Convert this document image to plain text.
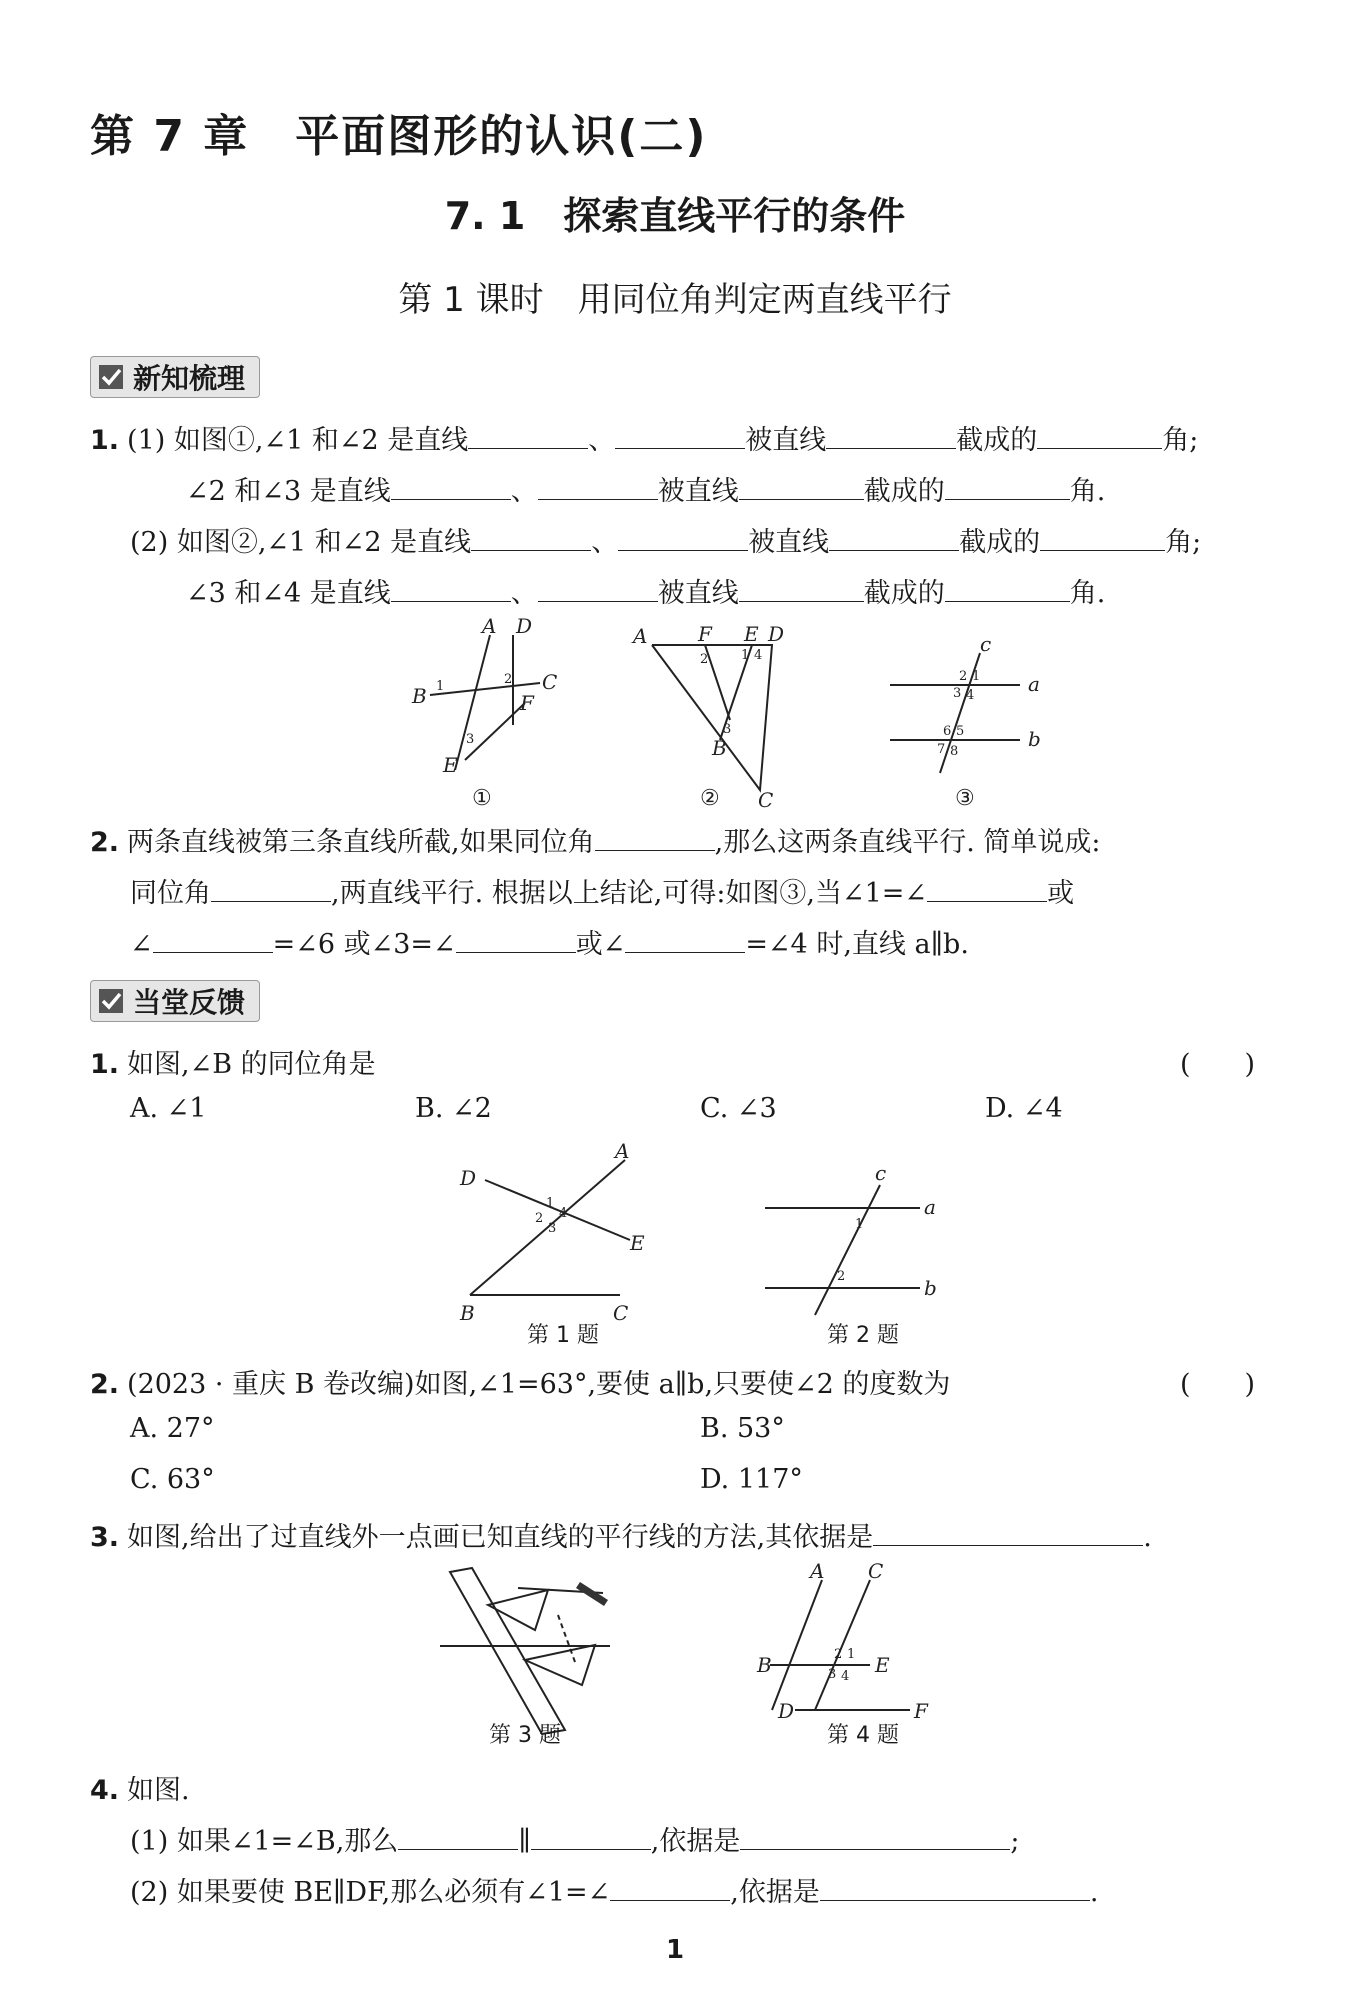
第 7 章　平面图形的认识(二)
7. 1　探索直线平行的条件
第 1 课时　用同位角判定两直线平行
新知梳理
1. (1) 如图①,∠1 和∠2 是直线	、	被直线	截成的	角;
∠2 和∠3 是直线	、	被直线	截成的	角.
(2) 如图②,∠1 和∠2 是直线	、	被直线	截成的	角;
∠3 和∠4 是直线	、	被直线	截成的	角.
A D
B
C
F
E
A	F E D
B
C
c
a
b
1	2
3
2	1 4
3
2 1
3 4
6 5
7 8
①	②	③
2. 两条直线被第三条直线所截,如果同位角	,那么这两条直线平行. 简单说成:
同位角	,两直线平行. 根据以上结论,可得:如图③,当∠1=∠	或
∠	=∠6 或∠3=∠	或∠	=∠4 时,直线 a∥b.
当堂反馈
1. 如图,∠B 的同位角是	(　　)
A. ∠1	B. ∠2	C. ∠3	D. ∠4
A
D
E
B	C
c
a
b
1
2 4
3	1
2
第 1 题	第 2 题
2. (2023 · 重庆 B 卷改编)如图,∠1=63°,要使 a∥b,只要使∠2 的度数为	(　　)
A. 27°	B. 53°
C. 63°	D. 117°
3. 如图,给出了过直线外一点画已知直线的平行线的方法,其依据是	.
A C
B	E
D	F
2 1
3 4
第 3 题	第 4 题
4. 如图.
(1) 如果∠1=∠B,那么	∥	,依据是	;
(2) 如果要使 BE∥DF,那么必须有∠1=∠	,依据是	.
1
